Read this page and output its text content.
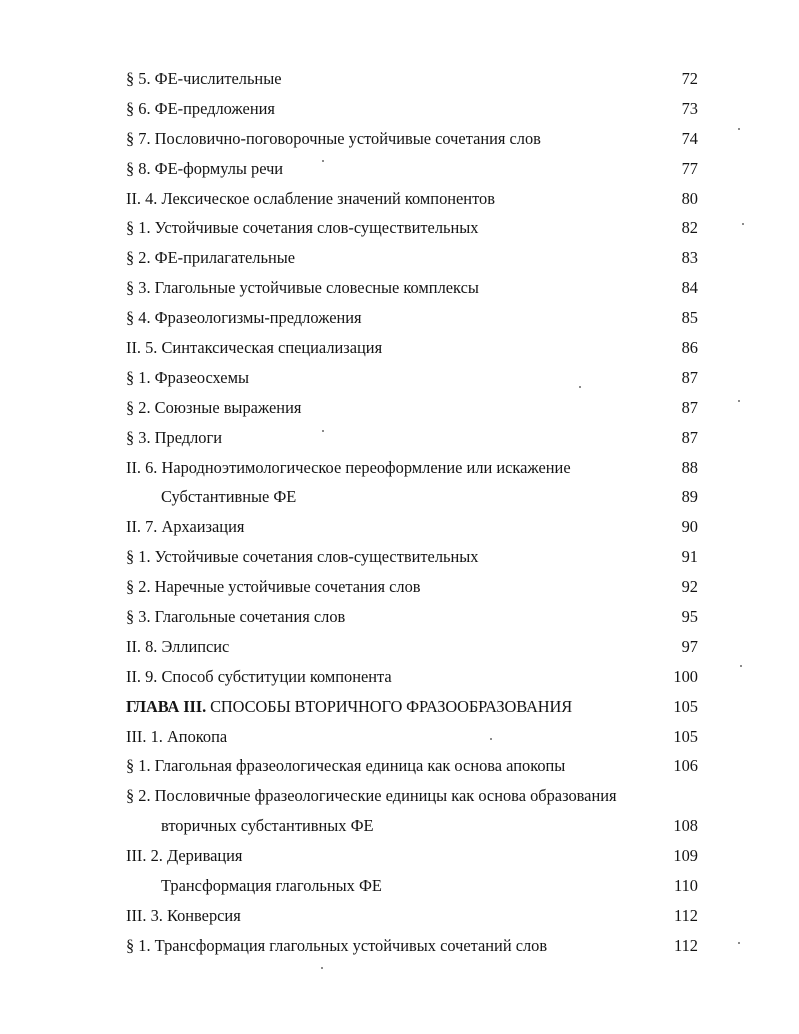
§ 5. ФЕ-числительные	72
§ 6. ФЕ-предложения	73
§ 7. Пословично-поговорочные устойчивые сочетания слов	74
§ 8. ФЕ-формулы речи	77
II. 4. Лексическое ослабление значений компонентов	80
§ 1. Устойчивые сочетания слов-существительных	82
§ 2. ФЕ-прилагательные	83
§ 3. Глагольные устойчивые словесные комплексы	84
§ 4. Фразеологизмы-предложения	85
II. 5. Синтаксическая специализация	86
§ 1. Фразеосхемы	87
§ 2. Союзные выражения	87
§ 3. Предлоги	87
II. 6. Народноэтимологическое переоформление или искажение	88
Субстантивные ФЕ	89
II. 7. Архаизация	90
§ 1. Устойчивые сочетания слов-существительных	91
§ 2. Наречные устойчивые сочетания слов	92
§ 3. Глагольные сочетания слов	95
II. 8. Эллипсис	97
II. 9. Способ субституции компонента	100
ГЛАВА III. СПОСОБЫ ВТОРИЧНОГО ФРАЗООБРАЗОВАНИЯ	105
III. 1. Апокопа	105
§ 1. Глагольная фразеологическая единица как основа апокопы	106
§ 2. Пословичные фразеологические единицы как основа образования
вторичных субстантивных ФЕ	108
III. 2. Деривация	109
Трансформация глагольных ФЕ	110
III. 3. Конверсия	112
§ 1. Трансформация глагольных устойчивых сочетаний слов	112
